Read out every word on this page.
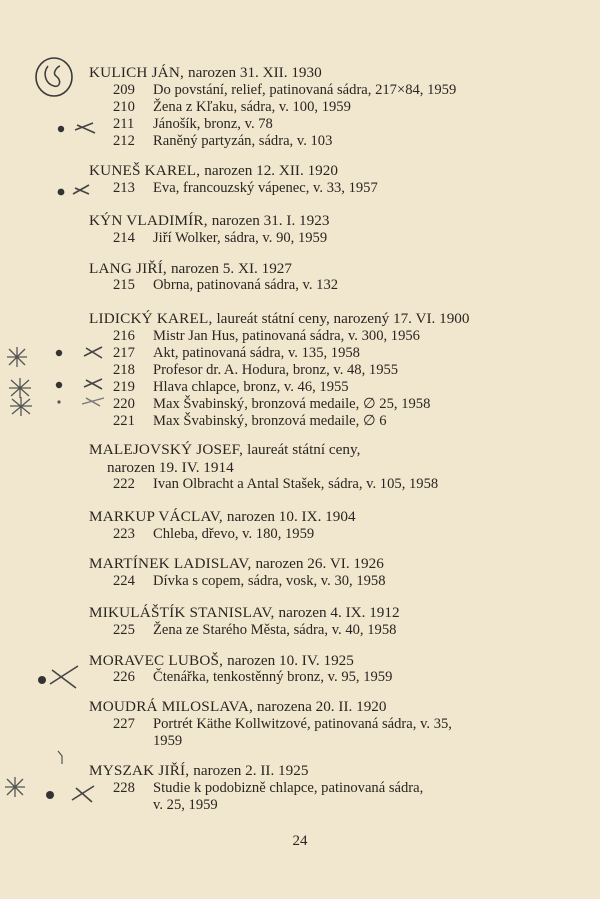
KULICH JÁN, narozen 31. XII. 1930
209 Do povstání, relief, patinovaná sádra, 217×84, 1959
210 Žena z Kľaku, sádra, v. 100, 1959
211 Jánošík, bronz, v. 78
212 Raněný partyzán, sádra, v. 103
KUNEŠ KAREL, narozen 12. XII. 1920
213 Eva, francouzský vápenec, v. 33, 1957
KÝN VLADIMÍR, narozen 31. I. 1923
214 Jiří Wolker, sádra, v. 90, 1959
LANG JIŘÍ, narozen 5. XI. 1927
215 Obrna, patinovaná sádra, v. 132
LIDICKÝ KAREL, laureát státní ceny, narozený 17. VI. 1900
216 Mistr Jan Hus, patinovaná sádra, v. 300, 1956
217 Akt, patinovaná sádra, v. 135, 1958
218 Profesor dr. A. Hodura, bronz, v. 48, 1955
219 Hlava chlapce, bronz, v. 46, 1955
220 Max Švabinský, bronzová medaile, ∅ 25, 1958
221 Max Švabinský, bronzová medaile, ∅ 6
MALEJOVSKÝ JOSEF, laureát státní ceny,
narozen 19. IV. 1914
222 Ivan Olbracht a Antal Stašek, sádra, v. 105, 1958
MARKUP VÁCLAV, narozen 10. IX. 1904
223 Chleba, dřevo, v. 180, 1959
MARTÍNEK LADISLAV, narozen 26. VI. 1926
224 Dívka s copem, sádra, vosk, v. 30, 1958
MIKULÁŠTÍK STANISLAV, narozen 4. IX. 1912
225 Žena ze Starého Města, sádra, v. 40, 1958
MORAVEC LUBOŠ, narozen 10. IV. 1925
226 Čtenářka, tenkostěnný bronz, v. 95, 1959
MOUDRÁ MILOSLAVA, narozena 20. II. 1920
227 Portrét Käthe Kollwitzové, patinovaná sádra, v. 35,
1959
MYSZAK JIŘÍ, narozen 2. II. 1925
228 Studie k podobizně chlapce, patinovaná sádra,
v. 25, 1959
24
